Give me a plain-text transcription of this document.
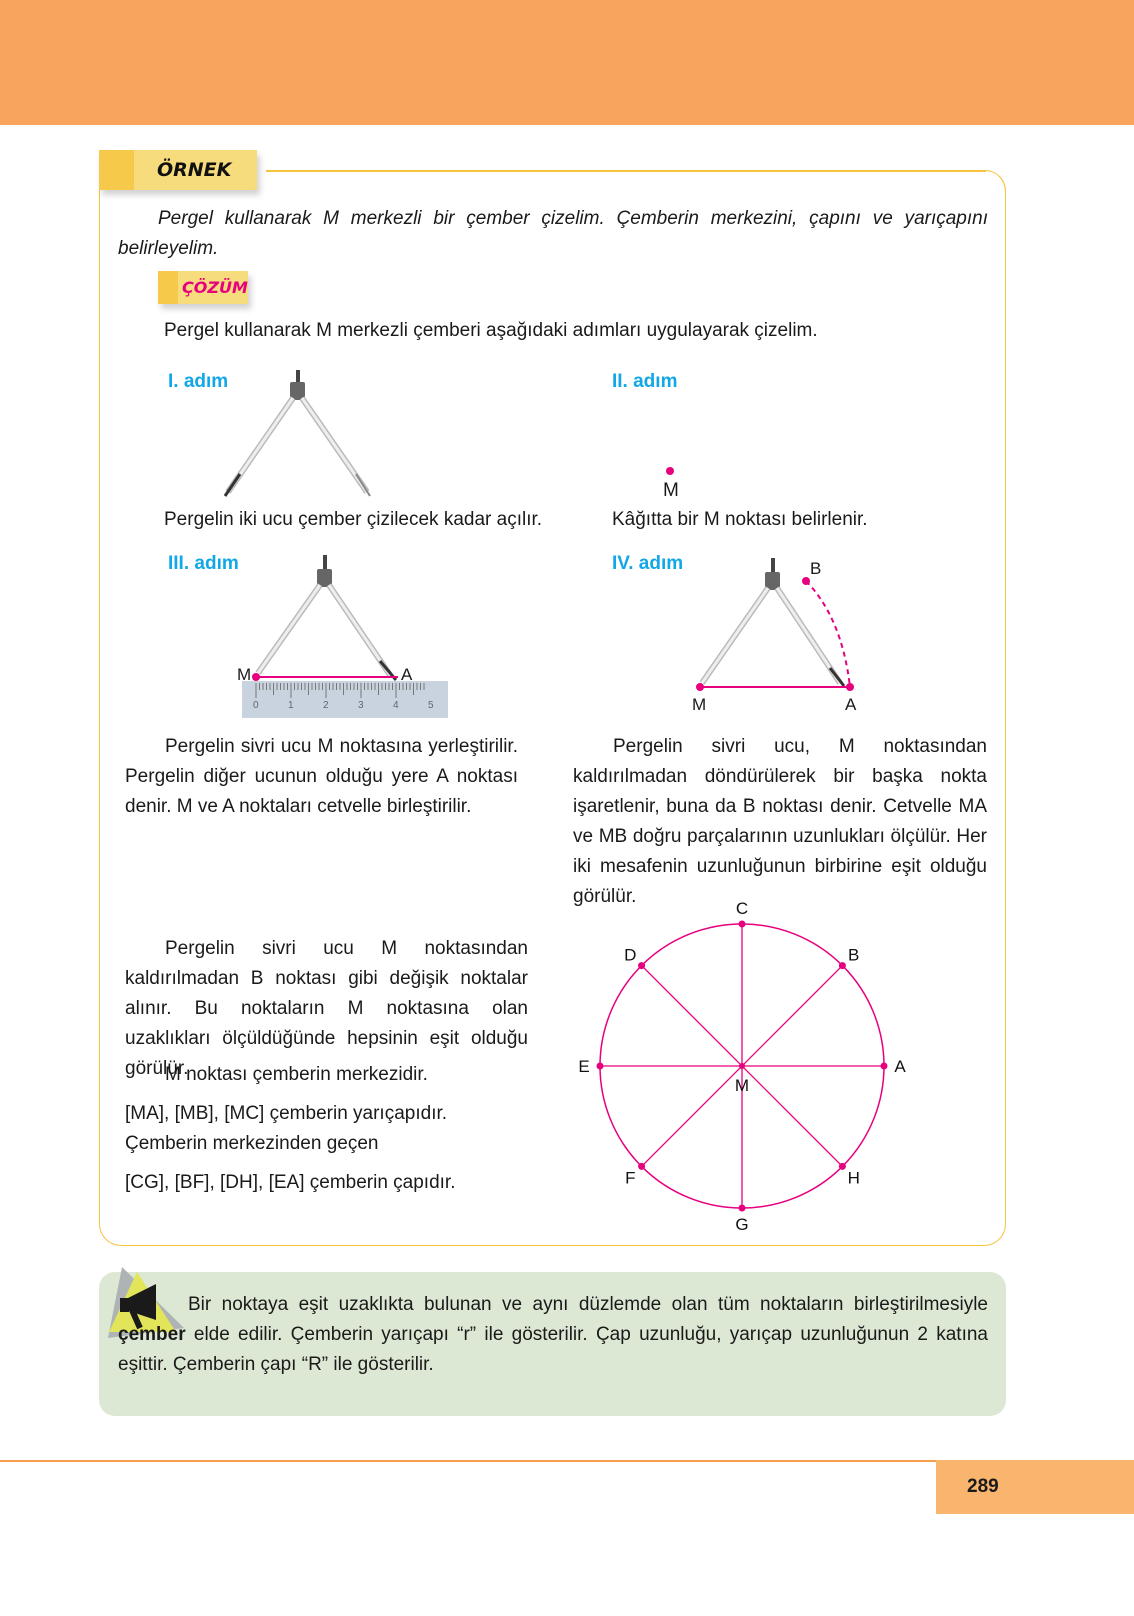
ÖRNEK
Pergel kullanarak M merkezli bir çember çizelim. Çemberin merkezini, çapını ve yarıçapını belirleyelim.
ÇÖZÜM
Pergel kullanarak M merkezli çemberi aşağıdaki adımları uygulayarak çizelim.
I. adım	II. adım
III. adım	IV. adım
Pergelin iki ucu çember çizilecek kadar açılır.
M
Kâğıtta bir M noktası belirlenir.
M	A
0	1	2	3	4	5	M	A
B
Pergelin sivri ucu M noktasına yerleştirilir. Pergelin diğer ucunun olduğu yere A noktası denir. M ve A noktaları cetvelle birleştirilir.
Pergelin sivri ucu, M noktasından kaldırılmadan döndürülerek bir başka nokta işaretlenir, buna da B noktası denir. Cetvelle MA ve MB doğru parçalarının uzunlukları ölçülür. Her iki mesafenin uzunluğunun birbirine eşit olduğu görülür.
Pergelin sivri ucu M noktasından kaldırılmadan B noktası gibi değişik noktalar alınır. Bu noktaların M noktasına olan uzaklıkları ölçüldüğünde hepsinin eşit olduğu görülür.
M noktası çemberin merkezidir.
[MA], [MB], [MC] çemberin yarıçapıdır. Çemberin merkezinden geçen
[CG], [BF], [DH], [EA] çemberin çapıdır.
A
B
C
D
E
F
G
H
M
Bir noktaya eşit uzaklıkta bulunan ve aynı düzlemde olan tüm noktaların birleştirilmesiyle çember elde edilir. Çemberin yarıçapı “r” ile gösterilir. Çap uzunluğu, yarıçap uzunluğunun 2 katına eşittir. Çemberin çapı “R” ile gösterilir.
289
